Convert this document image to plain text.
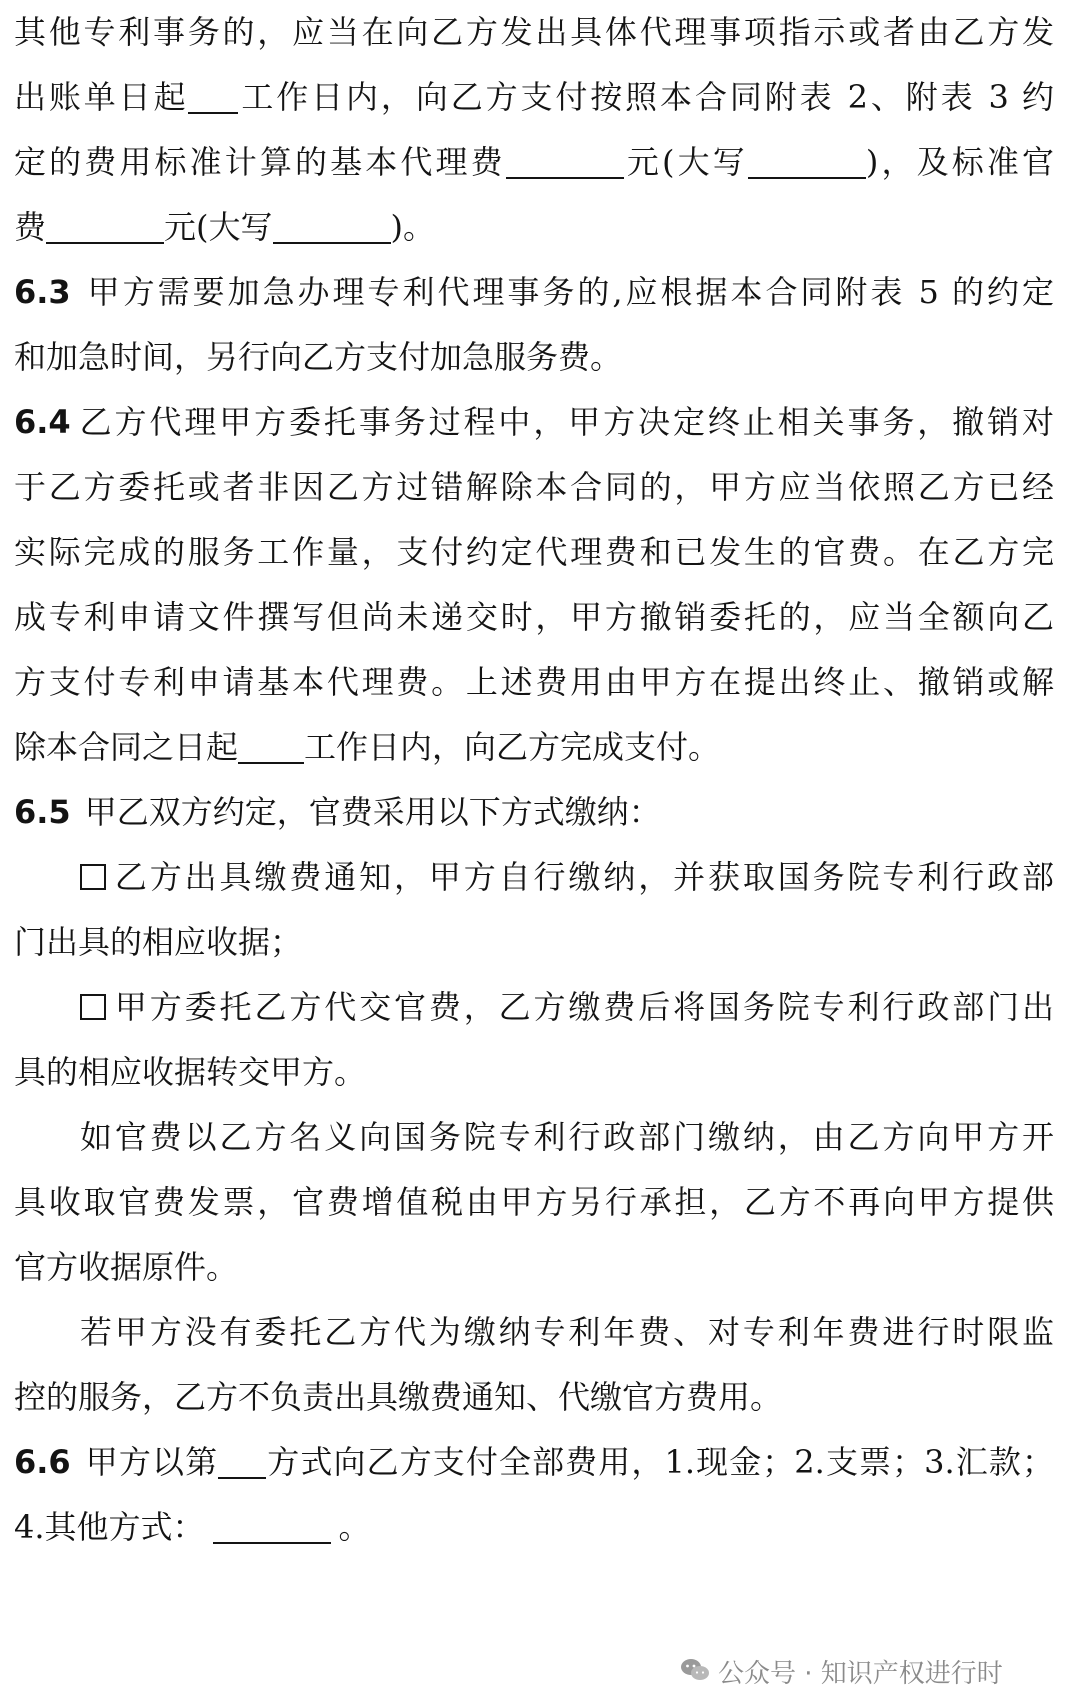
其他专利事务的，应当在向乙方发出具体代理事项指示或者由乙方发
出账单日起 工作日内，向乙方支付按照本合同附表 2、附表 3 约
定的费用标准计算的基本代理费	元(大写	)，及标准官
费	元(大写	)。
6.3 甲方需要加急办理专利代理事务的,应根据本合同附表 5 的约定
和加急时间，另行向乙方支付加急服务费。
6.4 乙方代理甲方委托事务过程中，甲方决定终止相关事务，撤销对
于乙方委托或者非因乙方过错解除本合同的，甲方应当依照乙方已经
实际完成的服务工作量，支付约定代理费和已发生的官费。在乙方完
成专利申请文件撰写但尚未递交时，甲方撤销委托的，应当全额向乙
方支付专利申请基本代理费。上述费用由甲方在提出终止、撤销或解
除本合同之日起 工作日内，向乙方完成支付。
6.5 甲乙双方约定，官费采用以下方式缴纳：
乙方出具缴费通知，甲方自行缴纳，并获取国务院专利行政部
门出具的相应收据；
甲方委托乙方代交官费，乙方缴费后将国务院专利行政部门出
具的相应收据转交甲方。
如官费以乙方名义向国务院专利行政部门缴纳，由乙方向甲方开
具收取官费发票，官费增值税由甲方另行承担，乙方不再向甲方提供
官方收据原件。
若甲方没有委托乙方代为缴纳专利年费、对专利年费进行时限监
控的服务，乙方不负责出具缴费通知、代缴官方费用。
6.6 甲方以第 方式向乙方支付全部费用，1.现金；2.支票；3.汇款；
4.其他方式：	。
公众号 · 知识产权进行时
